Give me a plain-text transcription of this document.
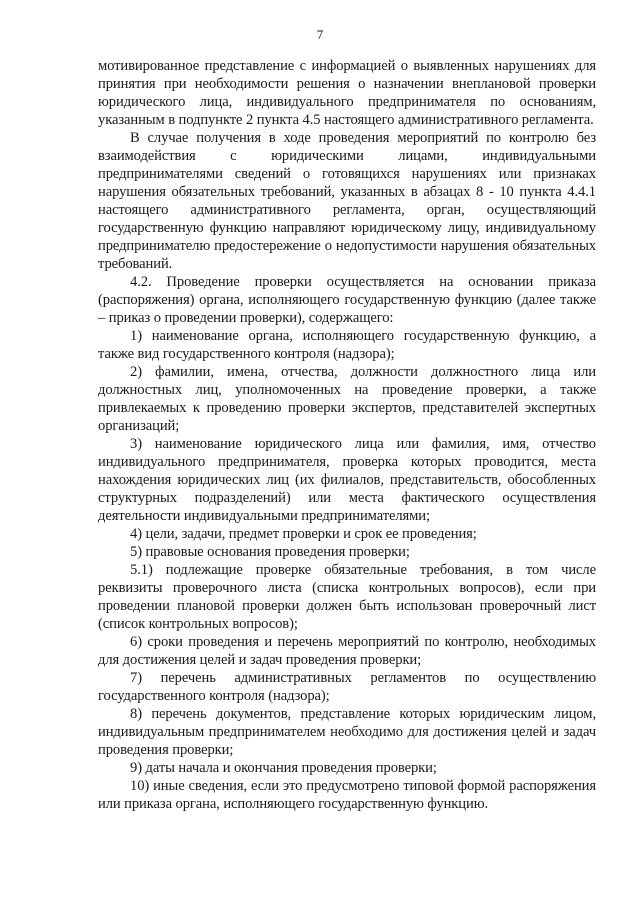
7

мотивированное представление с информацией о выявленных нарушениях для принятия при необходимости решения о назначении внеплановой проверки юридического лица, индивидуального предпринимателя по основаниям, указанным в подпункте 2 пункта 4.5 настоящего административного регламента.

В случае получения в ходе проведения мероприятий по контролю без взаимодействия с юридическими лицами, индивидуальными предпринимателями сведений о готовящихся нарушениях или признаках нарушения обязательных требований, указанных в абзацах 8 - 10 пункта 4.4.1 настоящего административного регламента, орган, осуществляющий государственную функцию направляют юридическому лицу, индивидуальному предпринимателю предостережение о недопустимости нарушения обязательных требований.

4.2. Проведение проверки осуществляется на основании приказа (распоряжения) органа, исполняющего государственную функцию (далее также – приказ о проведении проверки), содержащего:

1) наименование органа, исполняющего государственную функцию, а также вид государственного контроля (надзора);

2) фамилии, имена, отчества, должности должностного лица или должностных лиц, уполномоченных на проведение проверки, а также привлекаемых к проведению проверки экспертов, представителей экспертных организаций;

3) наименование юридического лица или фамилия, имя, отчество индивидуального предпринимателя, проверка которых проводится, места нахождения юридических лиц (их филиалов, представительств, обособленных структурных подразделений) или места фактического осуществления деятельности индивидуальными предпринимателями;

4) цели, задачи, предмет проверки и срок ее проведения;

5) правовые основания проведения проверки;

5.1) подлежащие проверке обязательные требования, в том числе реквизиты проверочного листа (списка контрольных вопросов), если при проведении плановой проверки должен быть использован проверочный лист (список контрольных вопросов);

6) сроки проведения и перечень мероприятий по контролю, необходимых для достижения целей и задач проведения проверки;

7) перечень административных регламентов по осуществлению государственного контроля (надзора);

8) перечень документов, представление которых юридическим лицом, индивидуальным предпринимателем необходимо для достижения целей и задач проведения проверки;

9) даты начала и окончания проведения проверки;

10) иные сведения, если это предусмотрено типовой формой распоряжения или приказа органа, исполняющего государственную функцию.
